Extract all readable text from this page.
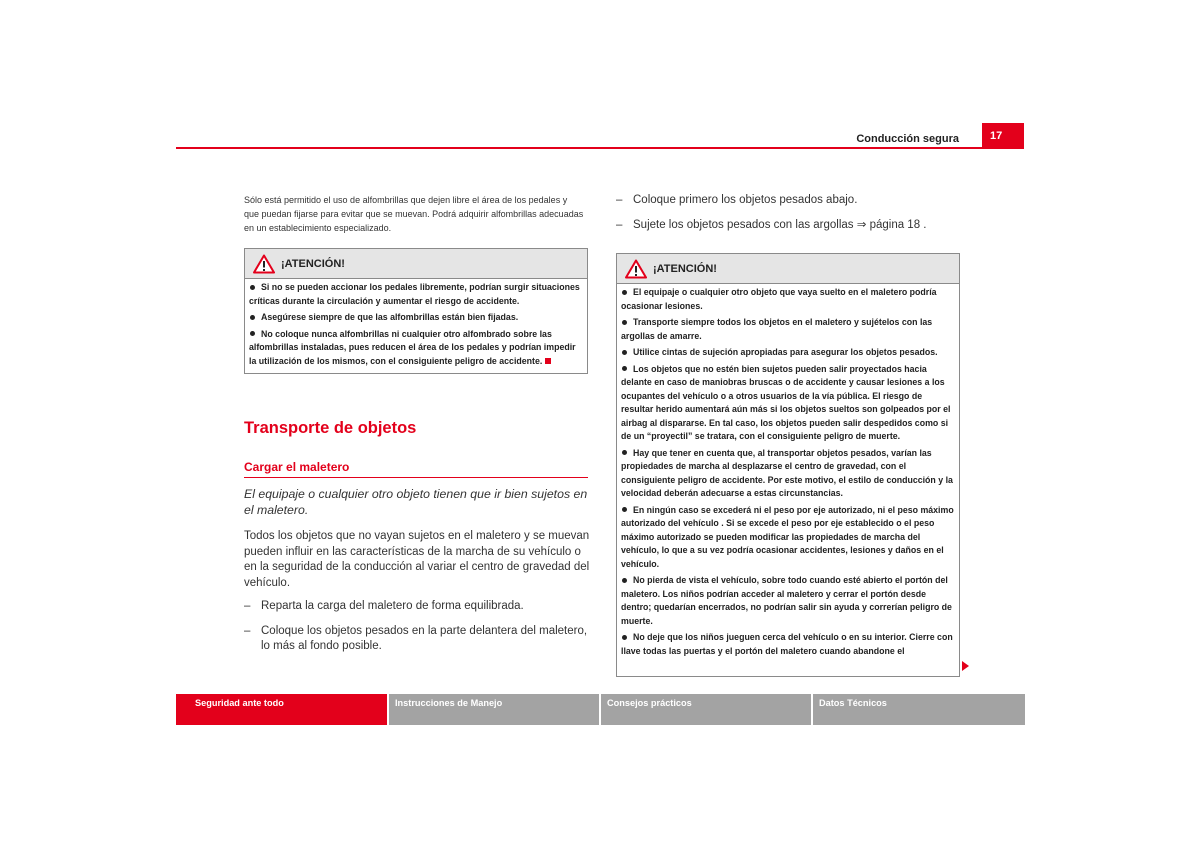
Conducción segura	17
Sólo está permitido el uso de alfombrillas que dejen libre el área de los pedales y que puedan fijarse para evitar que se muevan. Podrá adquirir alfombrillas adecuadas en un establecimiento especializado.
¡ATENCIÓN!

Si no se pueden accionar los pedales libremente, podrían surgir situaciones críticas durante la circulación y aumentar el riesgo de accidente.

Asegúrese siempre de que las alfombrillas están bien fijadas.

No coloque nunca alfombrillas ni cualquier otro alfombrado sobre las alfombrillas instaladas, pues reducen el área de los pedales y podrían impedir la utilización de los mismos, con el consiguiente peligro de accidente.

Transporte de objetos
Cargar el maletero
El equipaje o cualquier otro objeto tienen que ir bien sujetos en el maletero.
Todos los objetos que no vayan sujetos en el maletero y se muevan pueden influir en las características de la marcha de su vehículo o en la seguridad de la conducción al variar el centro de gravedad del vehículo.
– Reparta la carga del maletero de forma equilibrada.
– Coloque los objetos pesados en la parte delantera del maletero, lo más al fondo posible.
– Coloque primero los objetos pesados abajo.
– Sujete los objetos pesados con las argollas ⇒ página 18 .
¡ATENCIÓN!

El equipaje o cualquier otro objeto que vaya suelto en el maletero podría ocasionar lesiones.

Transporte siempre todos los objetos en el maletero y sujételos con las argollas de amarre.

Utilice cintas de sujeción apropiadas para asegurar los objetos pesados.

Los objetos que no estén bien sujetos pueden salir proyectados hacia delante en caso de maniobras bruscas o de accidente y causar lesiones a los ocupantes del vehículo o a otros usuarios de la vía pública. El riesgo de resultar herido aumentará aún más si los objetos sueltos son golpeados por el airbag al dispararse. En tal caso, los objetos pueden salir despedidos como si de un “proyectil” se tratara, con el consiguiente peligro de muerte.

Hay que tener en cuenta que, al transportar objetos pesados, varían las propiedades de marcha al desplazarse el centro de gravedad, con el consiguiente peligro de accidente. Por este motivo, el estilo de conducción y la velocidad deberán adecuarse a estas circunstancias.

En ningún caso se excederá ni el peso por eje autorizado, ni el peso máximo autorizado del vehículo . Si se excede el peso por eje establecido o el peso máximo autorizado se pueden modificar las propiedades de marcha del vehículo, lo que a su vez podría ocasionar accidentes, lesiones y daños en el vehículo.

No pierda de vista el vehículo, sobre todo cuando esté abierto el portón del maletero. Los niños podrían acceder al maletero y cerrar el portón desde dentro; quedarían encerrados, no podrían salir sin ayuda y correrían peligro de muerte.

No deje que los niños jueguen cerca del vehículo o en su interior. Cierre con llave todas las puertas y el portón del maletero cuando abandone el

Seguridad ante todo	Instrucciones de Manejo	Consejos prácticos	Datos Técnicos
